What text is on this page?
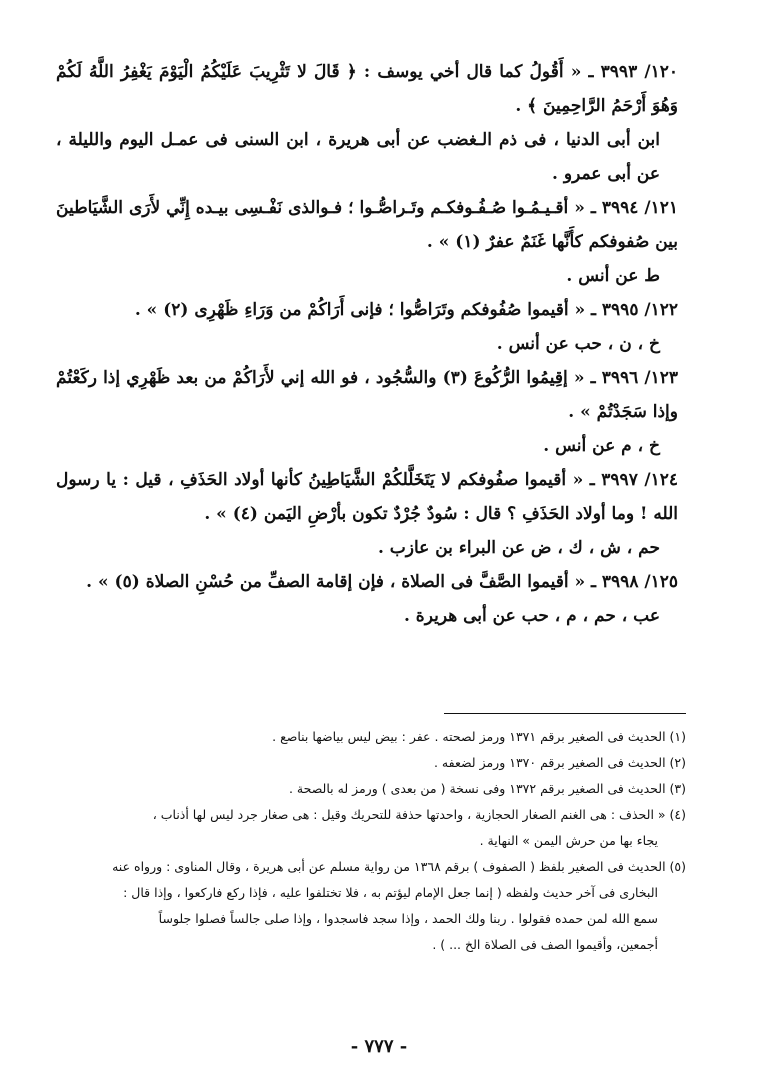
١٢٠/ ٣٩٩٣ ـ « أَقُولُ كما قال أخي يوسف : ﴿ قَالَ لا تَثْرِيبَ عَلَيْكُمُ الْيَوْمَ يَغْفِرُ اللَّهُ لَكُمْ وَهُوَ أَرْحَمُ الرَّاحِمِينَ ﴾ .

ابن أبى الدنيا ، فى ذم الـغضب عن أبى هريرة ، ابن السنى فى عمـل اليوم والليلة ، عن أبى عمرو .

١٢١/ ٣٩٩٤ ـ « أقـيـمُـوا صُـفُـوفكـم وتَـراصُّـوا ؛ فـوالذى نَفْـسِى بيـده إِنِّي لأَرَى الشَّيَاطينَ بين صُفوفكم كأَنَّها غَنَمٌ عفرٌ (١) » .

ط عن أنس .

١٢٢/ ٣٩٩٥ ـ « أقيموا صُفُوفكم وتَرَاصُّوا ؛ فإنى أَرَاكُمْ من وَرَاءِ ظَهْرِى (٢) » .

خ ، ن ، حب عن أنس .

١٢٣/ ٣٩٩٦ ـ « إقِيمُوا الرُّكُوعَ (٣) والسُّجُود ، فو الله إني لأَرَاكُمْ من بعد ظَهْرِي إذا ركَعْتُمْ وإذا سَجَدْتُمْ » .

خ ، م عن أنس .

١٢٤/ ٣٩٩٧ ـ « أقيموا صفُوفكم لا يَتَخَلَّلكُمْ الشَّيَاطِينُ كأنها أولاد الحَذَفِ ، قيل : يا رسول الله ! وما أولاد الحَذَفِ ؟ قال : سُودٌ جُرْدٌ تكون بأرْضِ اليَمن (٤) » .

حم ، ش ، ك ، ض عن البراء بن عازب .

١٢٥/ ٣٩٩٨ ـ « أقيموا الصَّفَّ فى الصلاة ، فإن إقامة الصفِّ من حُسْنِ الصلاة (٥) » .

عب ، حم ، م ، حب عن أبى هريرة .

(١) الحديث فى الصغير برقم ١٣٧١ ورمز لصحته . عفر : بيض ليس بياضها بناصع .

(٢) الحديث فى الصغير برقم ١٣٧٠ ورمز لضعفه .

(٣) الحديث فى الصغير برقم ١٣٧٢ وفى نسخة ( من بعدى ) ورمز له بالصحة .

(٤) « الحذف : هى الغنم الصغار الحجازية ، واحدتها حذفة للتحريك وقيل : هى صغار جرد ليس لها أذناب ،

يجاء بها من حرش اليمن » النهاية .

(٥) الحديث فى الصغير بلفظ ( الصفوف ) برقم ١٣٦٨ من رواية مسلم عن أبى هريرة ، وقال المناوى : ورواه عنه

البخارى فى آخر حديث ولفظه ( إنما جعل الإمام ليؤتم به ، فلا تختلفوا عليه ، فإذا ركع فاركعوا ، وإذا قال :

سمع الله لمن حمده فقولوا . ربنا ولك الحمد ، وإذا سجد فاسجدوا ، وإذا صلى جالساً فصلوا جلوساً

أجمعين، وأقيموا الصف فى الصلاة الخ ... ) .

- ٧٧٧ -
